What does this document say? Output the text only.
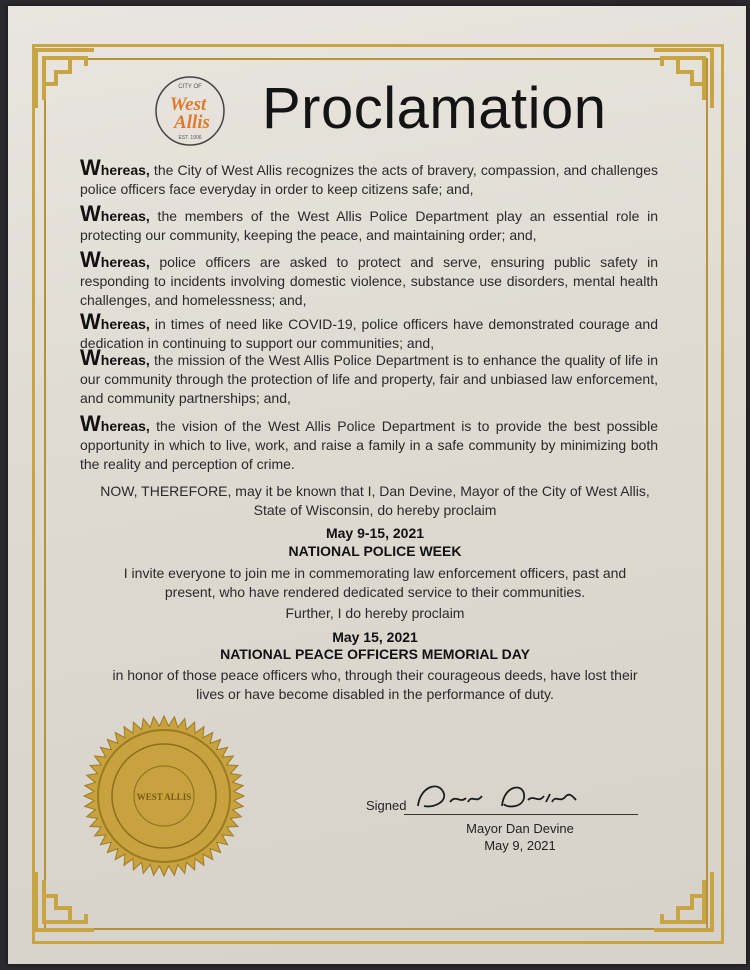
CITY OF
West
Allis
EST. 1906 Proclamation

Whereas, the City of West Allis recognizes the acts of bravery, compassion, and challenges police officers face everyday in order to keep citizens safe; and,

Whereas, the members of the West Allis Police Department play an essential role in protecting our community, keeping the peace, and maintaining order; and,

Whereas, police officers are asked to protect and serve, ensuring public safety in responding to incidents involving domestic violence, substance use disorders, mental health challenges, and homelessness; and,

Whereas, in times of need like COVID-19, police officers have demonstrated courage and dedication in continuing to support our communities; and,

Whereas, the mission of the West Allis Police Department is to enhance the quality of life in our community through the protection of life and property, fair and unbiased law enforcement, and community partnerships; and,

Whereas, the vision of the West Allis Police Department is to provide the best possible opportunity in which to live, work, and raise a family in a safe community by minimizing both the reality and perception of crime.

NOW, THEREFORE, may it be known that I, Dan Devine, Mayor of the City of West Allis, State of Wisconsin, do hereby proclaim

May 9-15, 2021

NATIONAL POLICE WEEK

I invite everyone to join me in commemorating law enforcement officers, past and present, who have rendered dedicated service to their communities.

Further, I do hereby proclaim

May 15, 2021

NATIONAL PEACE OFFICERS MEMORIAL DAY

in honor of those peace officers who, through their courageous deeds, have lost their lives or have become disabled in the performance of duty.

WEST ALLIS
Signed
Mayor Dan Devine
May 9, 2021
